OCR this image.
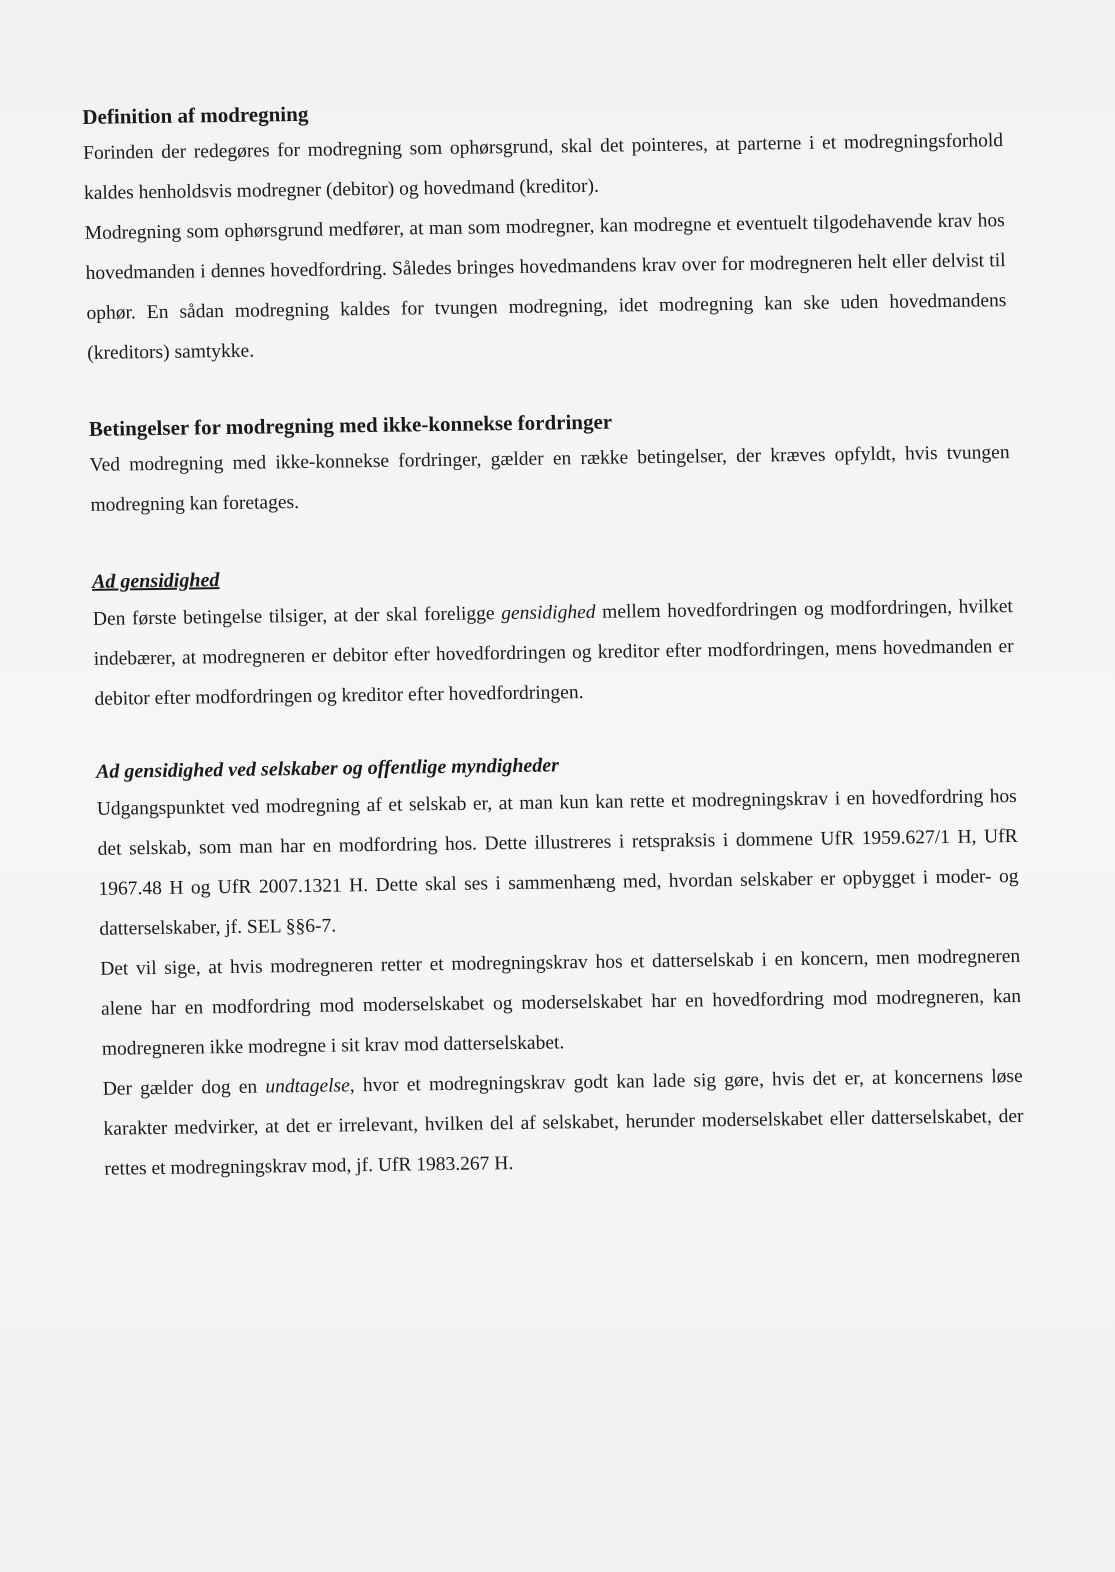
Definition af modregning

Forinden der redegøres for modregning som ophørsgrund, skal det pointeres, at parterne i et modregningsforhold kaldes henholdsvis modregner (debitor) og hovedmand (kreditor).

Modregning som ophørsgrund medfører, at man som modregner, kan modregne et eventuelt tilgodehavende krav hos hovedmanden i dennes hovedfordring. Således bringes hovedmandens krav over for modregneren helt eller delvist til ophør. En sådan modregning kaldes for tvungen modregning, idet modregning kan ske uden hovedmandens (kreditors) samtykke.

Betingelser for modregning med ikke-konnekse fordringer

Ved modregning med ikke-konnekse fordringer, gælder en række betingelser, der kræves opfyldt, hvis tvungen modregning kan foretages.

Ad gensidighed

Den første betingelse tilsiger, at der skal foreligge gensidighed mellem hovedfordringen og modfordringen, hvilket indebærer, at modregneren er debitor efter hovedfordringen og kreditor efter modfordringen, mens hovedmanden er debitor efter modfordringen og kreditor efter hovedfordringen.

Ad gensidighed ved selskaber og offentlige myndigheder

Udgangspunktet ved modregning af et selskab er, at man kun kan rette et modregningskrav i en hovedfordring hos det selskab, som man har en modfordring hos. Dette illustreres i retspraksis i dommene UfR 1959.627/1 H, UfR 1967.48 H og UfR 2007.1321 H. Dette skal ses i sammenhæng med, hvordan selskaber er opbygget i moder- og datterselskaber, jf. SEL §§6-7.

Det vil sige, at hvis modregneren retter et modregningskrav hos et datterselskab i en koncern, men modregneren alene har en modfordring mod moderselskabet og moderselskabet har en hovedfordring mod modregneren, kan modregneren ikke modregne i sit krav mod datterselskabet.

Der gælder dog en undtagelse, hvor et modregningskrav godt kan lade sig gøre, hvis det er, at koncernens løse karakter medvirker, at det er irrelevant, hvilken del af selskabet, herunder moderselskabet eller datterselskabet, der rettes et modregningskrav mod, jf. UfR 1983.267 H.
